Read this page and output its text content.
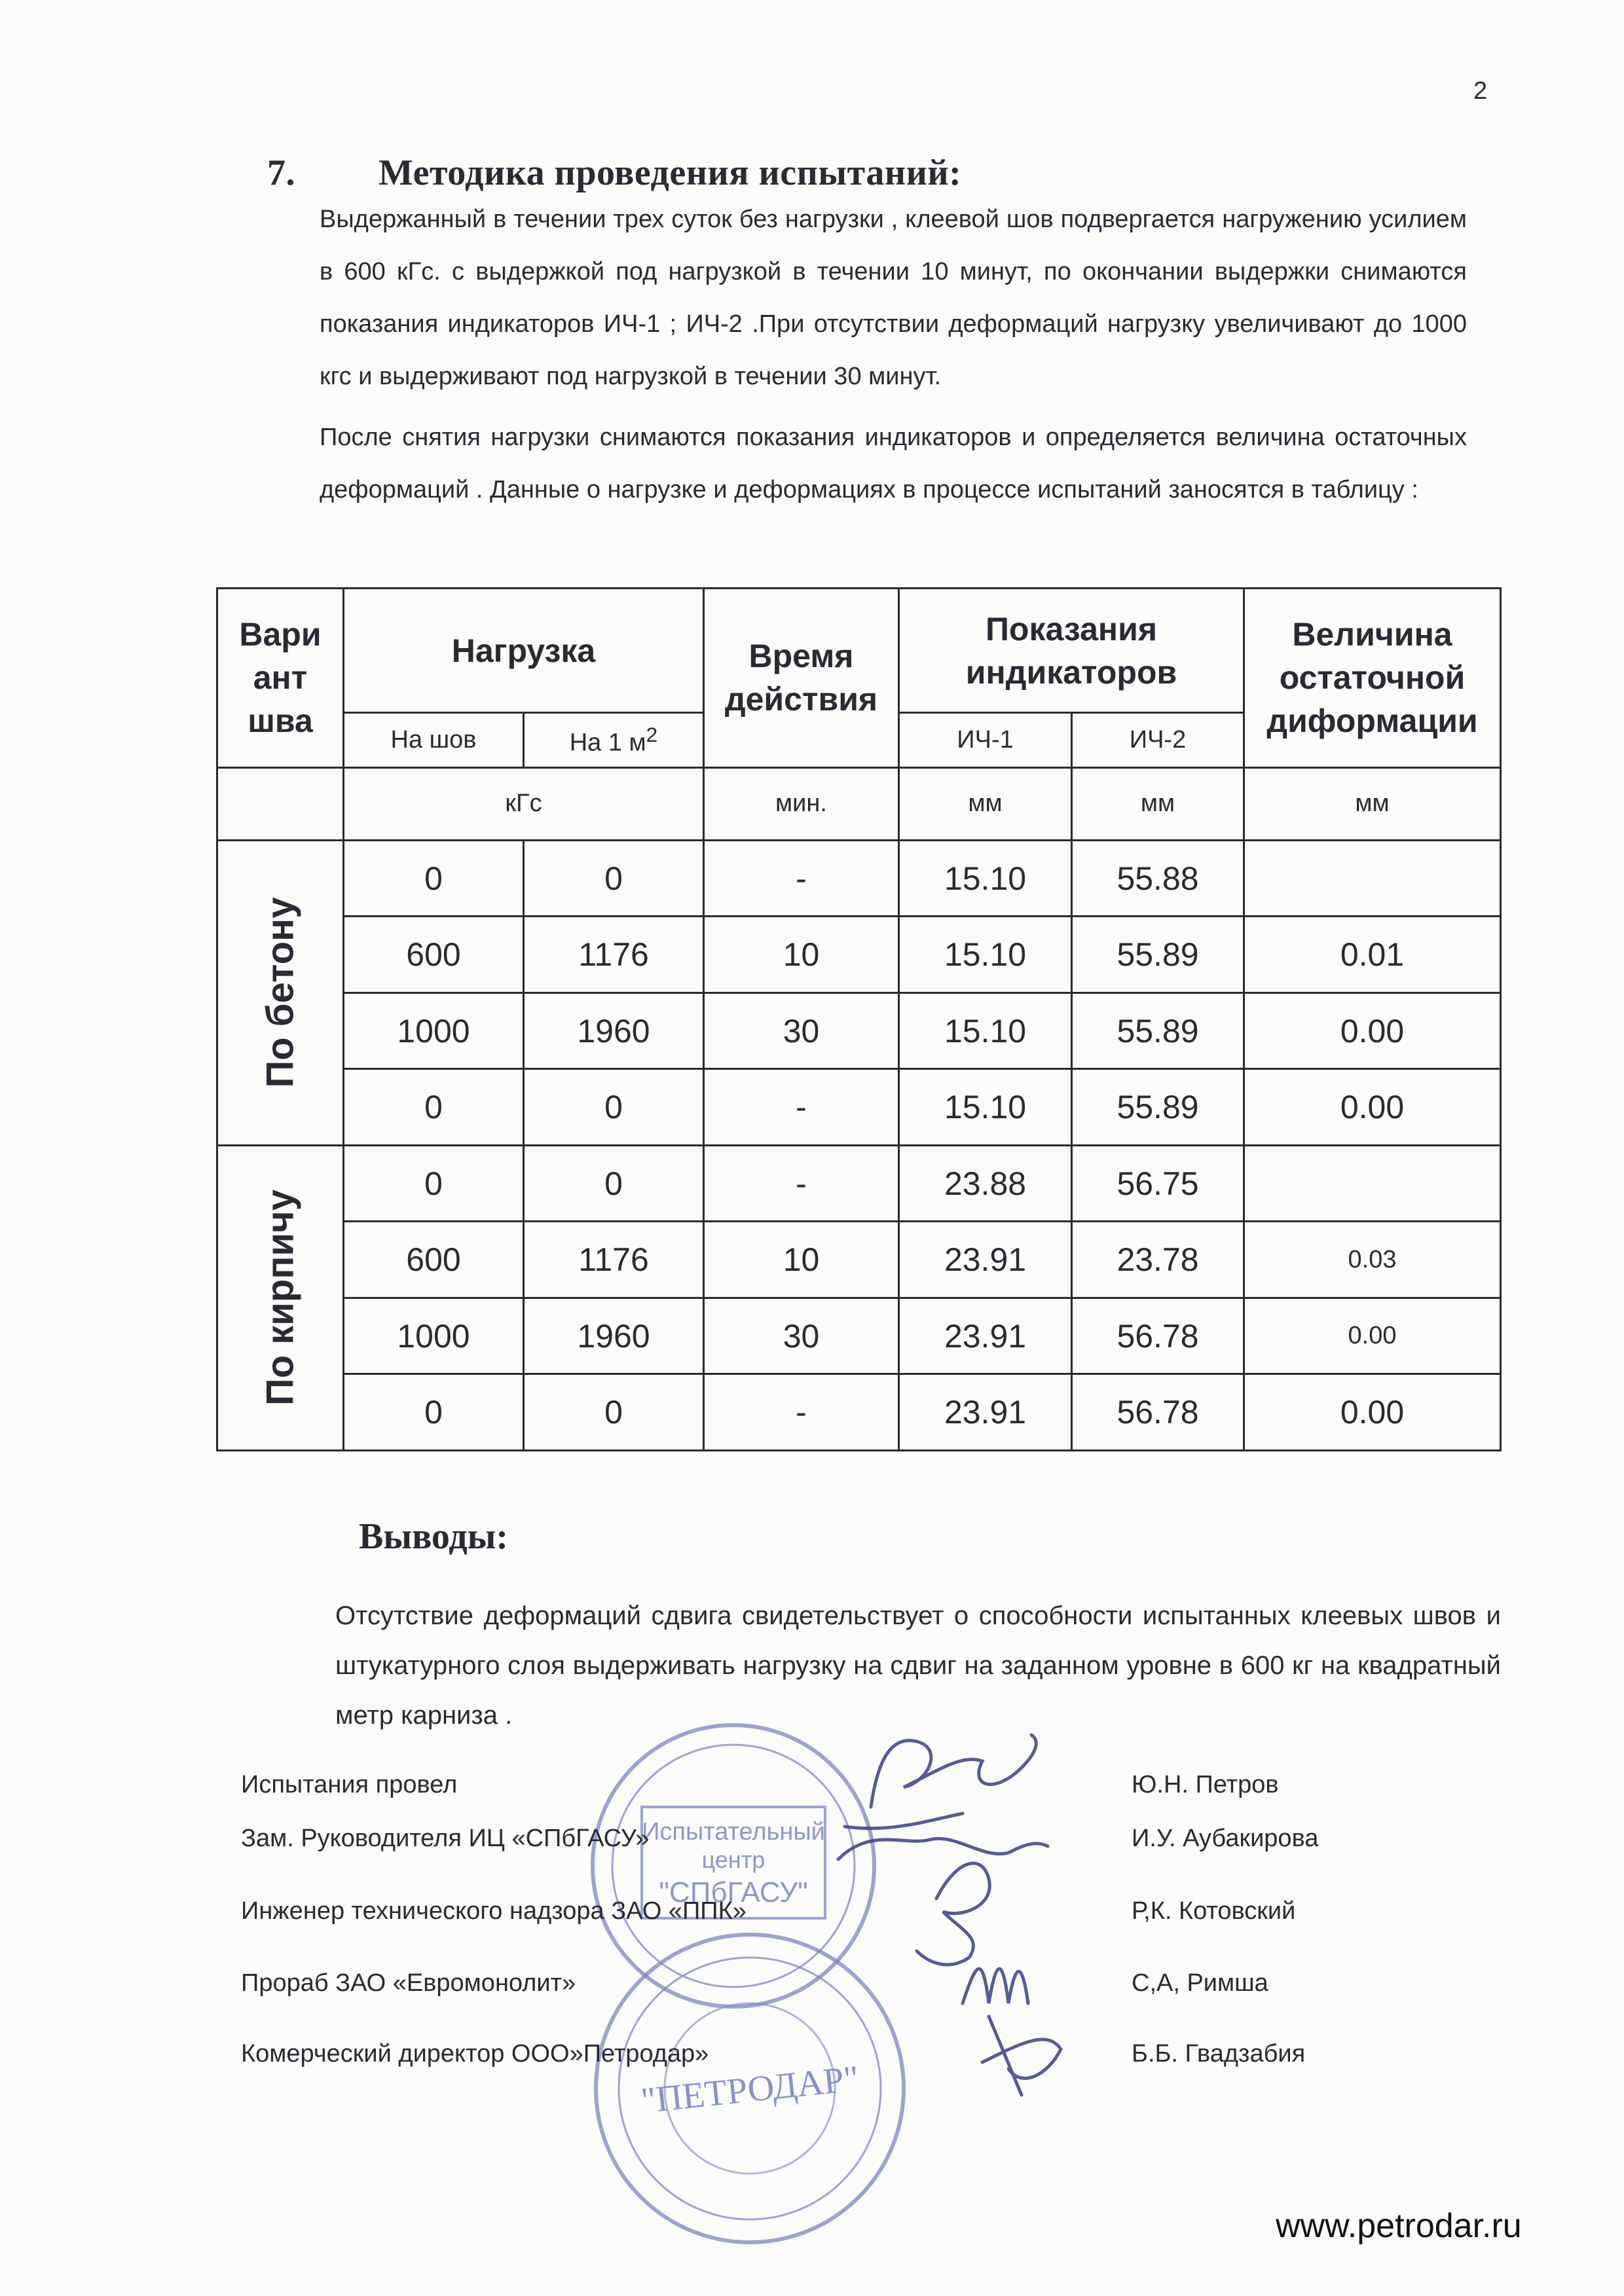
2
7. Методика проведения испытаний:

Выдержанный в течении трех суток без нагрузки , клеевой шов подвергается нагружению усилием в 600 кГс. с выдержкой под нагрузкой в течении 10 минут, по окончании выдержки снимаются показания индикаторов ИЧ-1 ; ИЧ-2 .При отсутствии деформаций нагрузку увеличивают до 1000 кгс и выдерживают под нагрузкой в течении 30 минут.

После снятия нагрузки снимаются показания индикаторов и определяется величина остаточных деформаций . Данные о нагрузке и деформациях в процессе испытаний заносятся в таблицу :

Вари ант шва	Нагрузка		Время действия	Показания индикаторов		Величина остаточной диформации
	На шов	На 1 $м^2$		ИЧ-1	ИЧ-2	
	кГс		мин.	мм	мм	мм

По бетону	0	0	-	15.10	55.88	
	600	1176	10	15.10	55.89	0.01
	1000	1960	30	15.10	55.89	0.00
	0	0	-	15.10	55.89	0.00

По кирпичу	0	0	-	23.88	56.75	
	600	1176	10	23.91	23.78	0.03
	1000	1960	30	23.91	56.78	0.00
	0	0	-	23.91	56.78	0.00
Выводы:

Отсутствие деформаций сдвига свидетельствует о способности испытанных клеевых швов и штукатурного слоя выдерживать нагрузку на сдвиг на заданном уровне в 600 кг на квадратный метр карниза .

Испытательный
центр
"СПбГАСУ"
"ПЕТРОДАР"
Испытания провел	Ю.Н. Петров
Зам. Руководителя ИЦ «СПбГАСУ»	И.У. Аубакирова
Инженер технического надзора ЗАО «ППК»	Р,К. Котовский
Прораб ЗАО «Евромонолит»	С,А, Римша
Комерческий директор ООО»Петродар»	Б.Б. Гвадзабия
www.petrodar.ru
